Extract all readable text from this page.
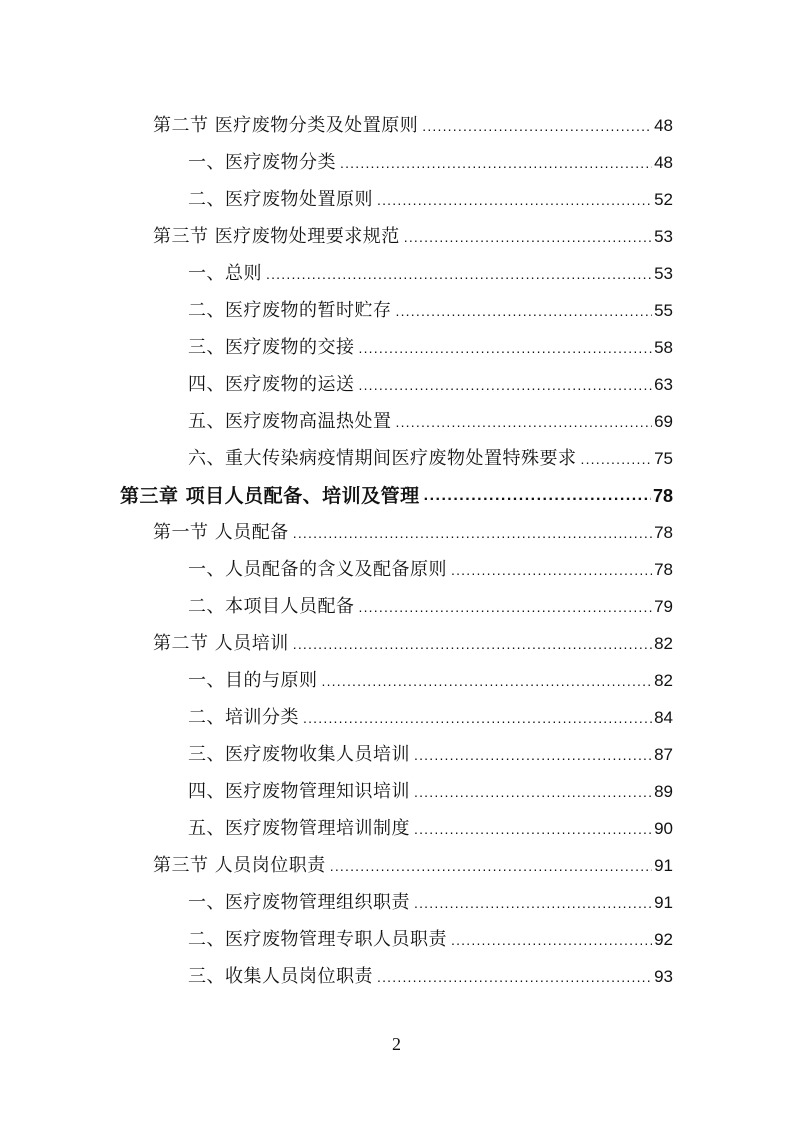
第二节 医疗废物分类及处置原则 .....	48
一、医疗废物分类 .....	48
二、医疗废物处置原则 .....	52
第三节 医疗废物处理要求规范 .....	53
一、总则 .....	53
二、医疗废物的暂时贮存 .....	55
三、医疗废物的交接 .....	58
四、医疗废物的运送 .....	63
五、医疗废物高温热处置 .....	69
六、重大传染病疫情期间医疗废物处置特殊要求 .....	75
第三章 项目人员配备、培训及管理 .....	78
第一节 人员配备 .....	78
一、人员配备的含义及配备原则 .....	78
二、本项目人员配备 .....	79
第二节 人员培训 .....	82
一、目的与原则 .....	82
二、培训分类 .....	84
三、医疗废物收集人员培训 .....	87
四、医疗废物管理知识培训 .....	89
五、医疗废物管理培训制度 .....	90
第三节 人员岗位职责 .....	91
一、医疗废物管理组织职责 .....	91
二、医疗废物管理专职人员职责 .....	92
三、收集人员岗位职责 .....	93
2
